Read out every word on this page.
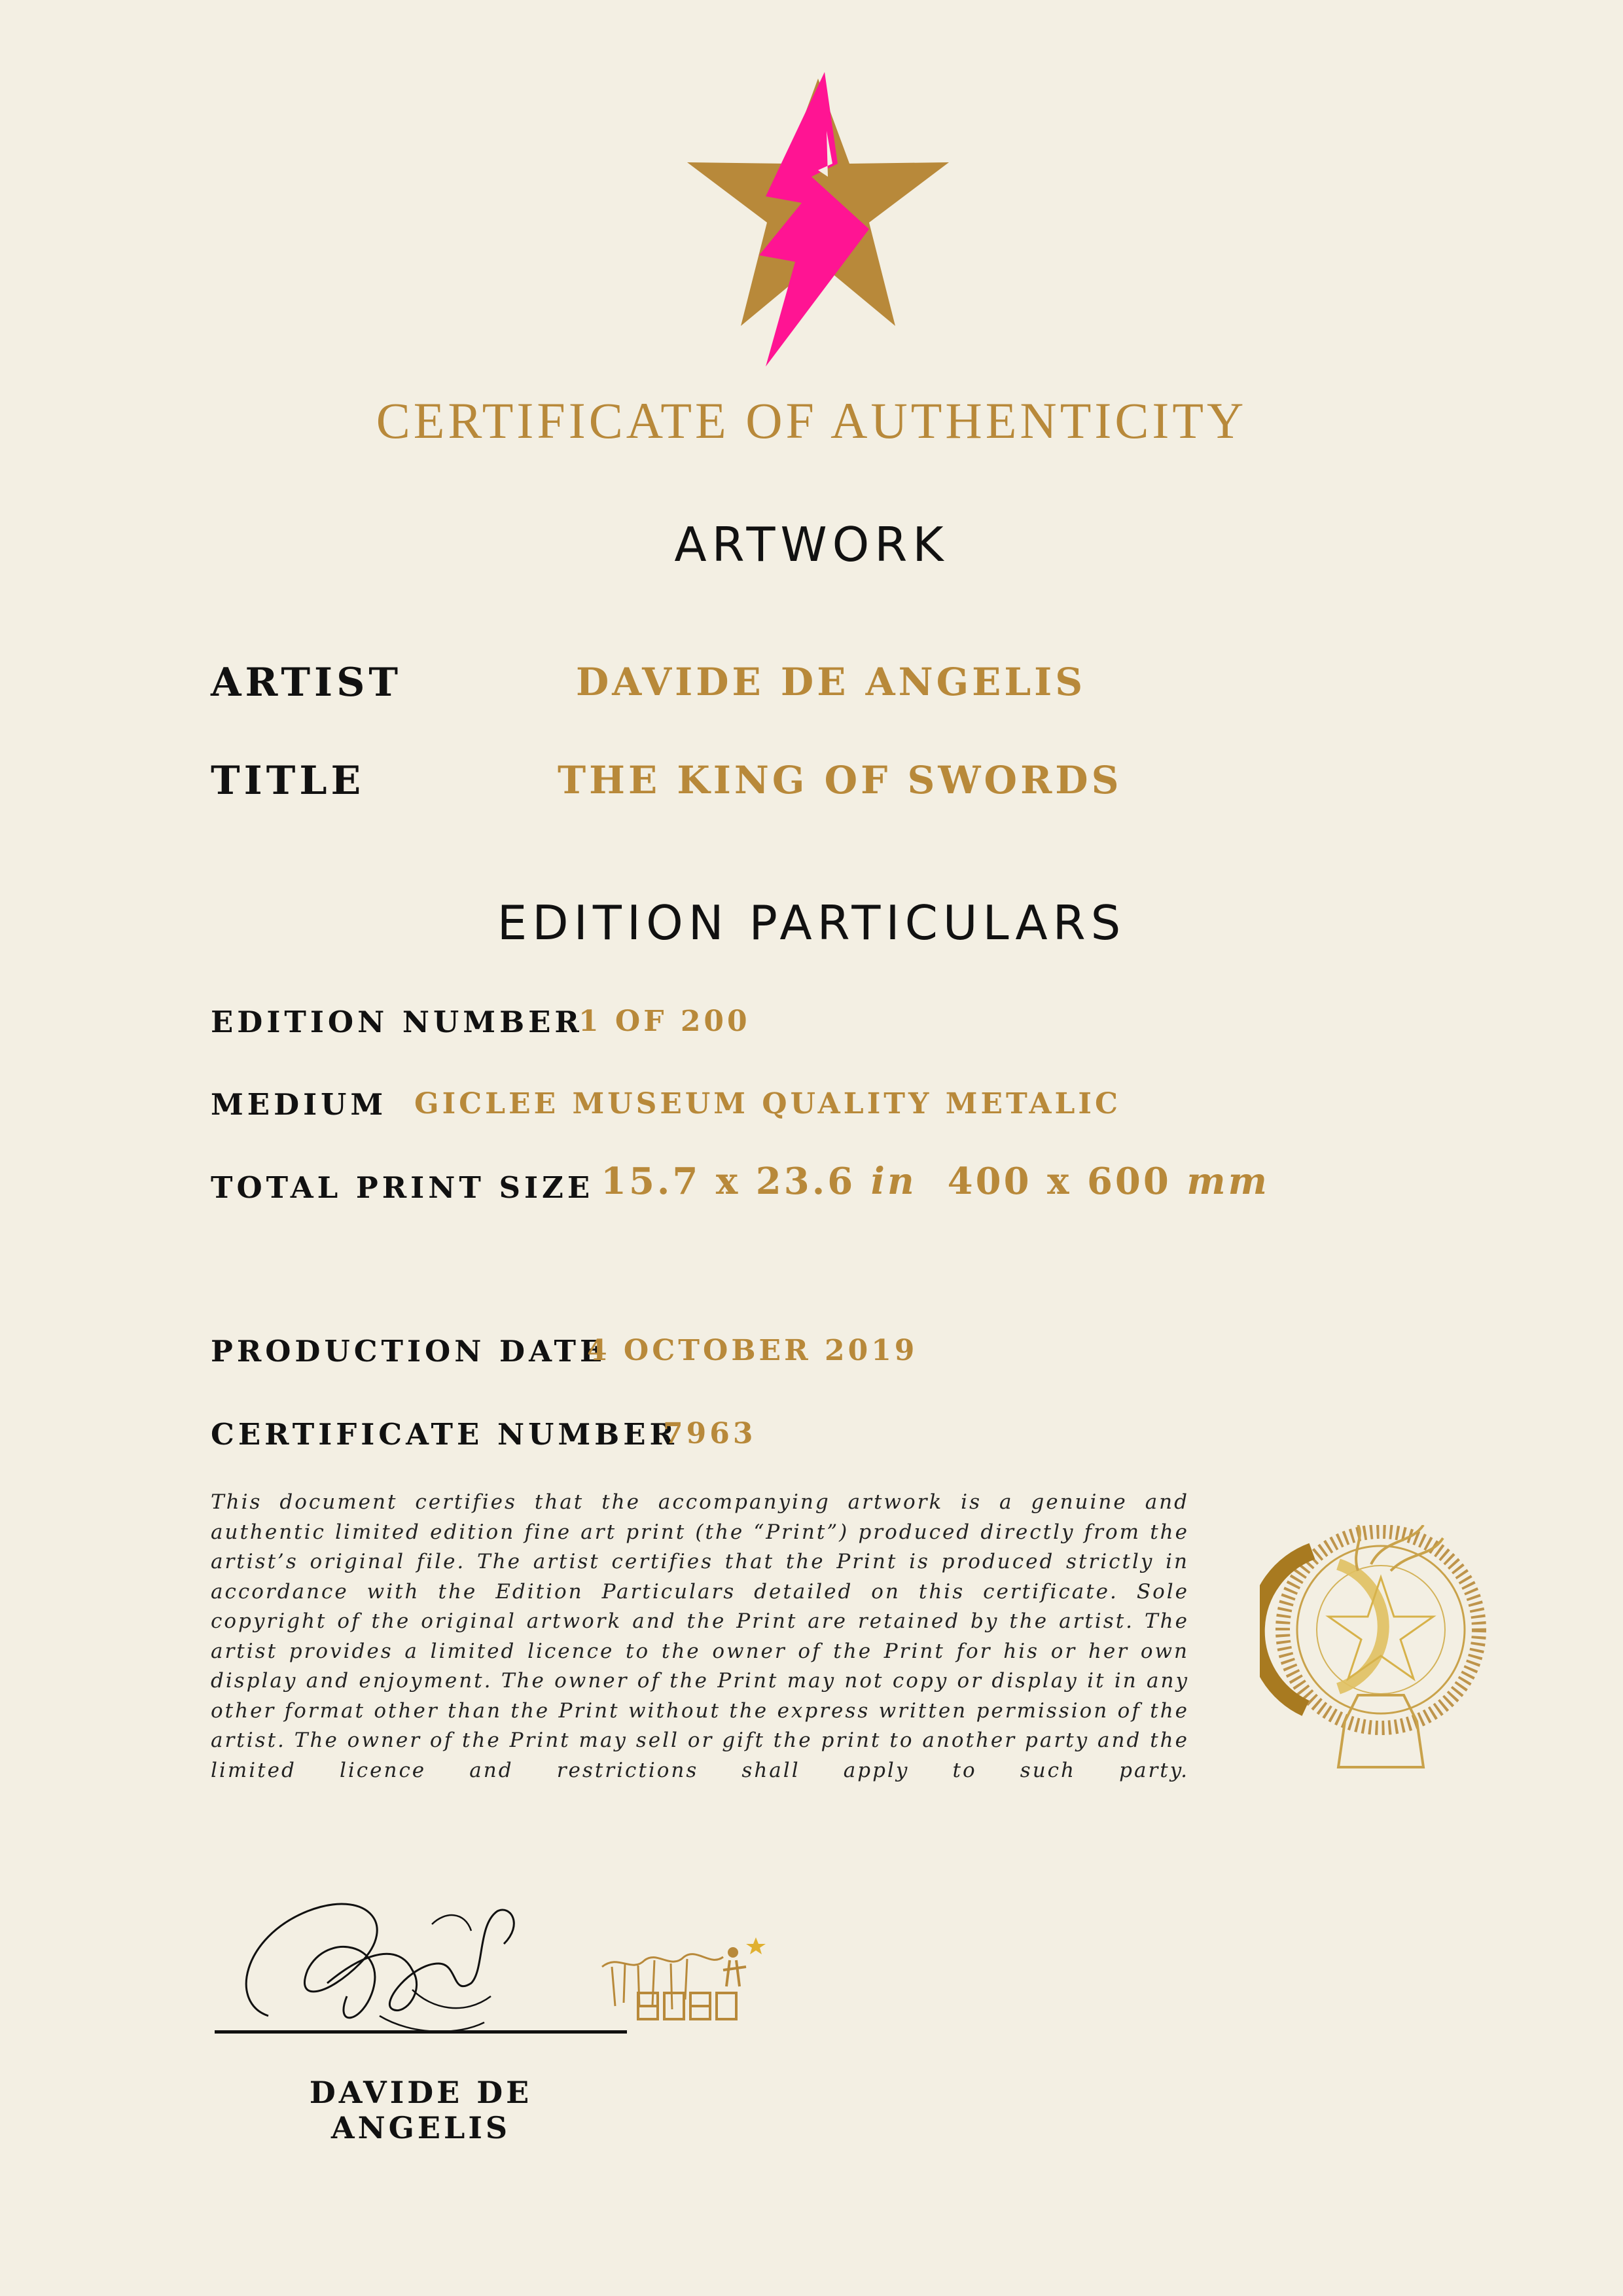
CERTIFICATE OF AUTHENTICITY
ARTWORK
ARTIST	DAVIDE DE ANGELIS
TITLE	THE KING OF SWORDS
EDITION PARTICULARS
EDITION NUMBER
1 OF 200
MEDIUM GICLEE MUSEUM QUALITY METALIC
TOTAL PRINT SIZE 15.7 x 23.6 in 400 x 600 mm
PRODUCTION DATE
4 OCTOBER 2019
CERTIFICATE NUMBER
7963
This document certifies that the accompanying artwork is a genuine and authentic limited edition fine art print (the “Print”) produced directly from the artist’s original file. The artist certifies that the Print is produced strictly in accordance with the Edition Particulars detailed on this certificate. Sole copyright of the original artwork and the Print are retained by the artist. The artist provides a limited licence to the owner of the Print for his or her own display and enjoyment. The owner of the Print may not copy or display it in any other format other than the Print without the express written permission of the artist. The owner of the Print may sell or gift the print to another party and the limited licence and restrictions shall apply to such party.
DAVIDE DE ANGELIS
